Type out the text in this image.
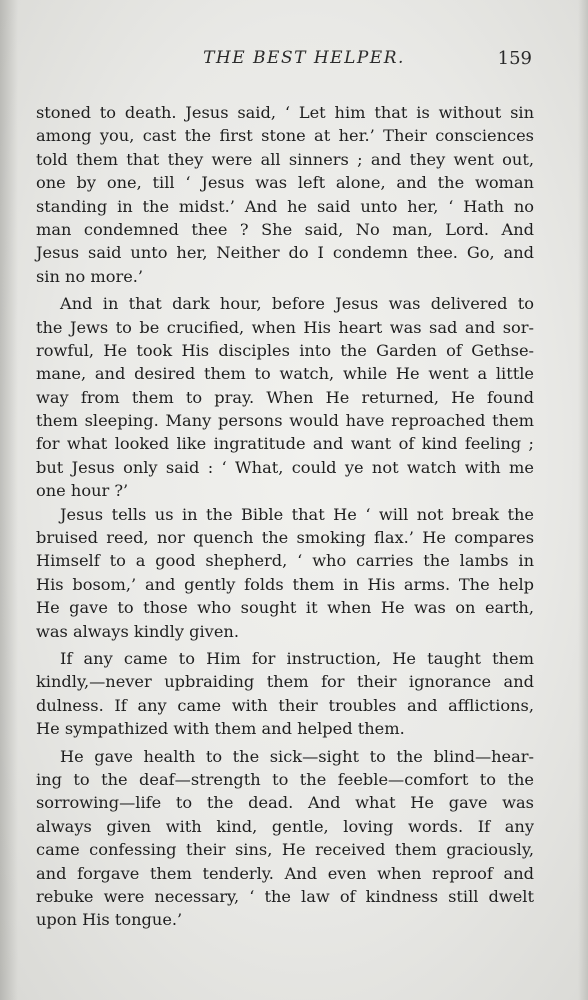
THE BEST HELPER.	159
stoned to death. Jesus said, ‘ Let him that is without sin
among you, cast the first stone at her.’ Their consciences
told them that they were all sinners ; and they went out,
one by one, till ‘ Jesus was left alone, and the woman
standing in the midst.’ And he said unto her, ‘ Hath no
man condemned thee ? She said, No man, Lord. And
Jesus said unto her, Neither do I condemn thee. Go, and
sin no more.’
And in that dark hour, before Jesus was delivered to
the Jews to be crucified, when His heart was sad and sor-
rowful, He took His disciples into the Garden of Gethse-
mane, and desired them to watch, while He went a little
way from them to pray. When He returned, He found
them sleeping. Many persons would have reproached them
for what looked like ingratitude and want of kind feeling ;
but Jesus only said : ‘ What, could ye not watch with me
one hour ?’
Jesus tells us in the Bible that He ‘ will not break the
bruised reed, nor quench the smoking flax.’ He compares
Himself to a good shepherd, ‘ who carries the lambs in
His bosom,’ and gently folds them in His arms. The help
He gave to those who sought it when He was on earth,
was always kindly given.
If any came to Him for instruction, He taught them
kindly,—never upbraiding them for their ignorance and
dulness. If any came with their troubles and afflictions,
He sympathized with them and helped them.
He gave health to the sick—sight to the blind—hear-
ing to the deaf—strength to the feeble—comfort to the
sorrowing—life to the dead. And what He gave was
always given with kind, gentle, loving words. If any
came confessing their sins, He received them graciously,
and forgave them tenderly. And even when reproof and
rebuke were necessary, ‘ the law of kindness still dwelt
upon His tongue.’
